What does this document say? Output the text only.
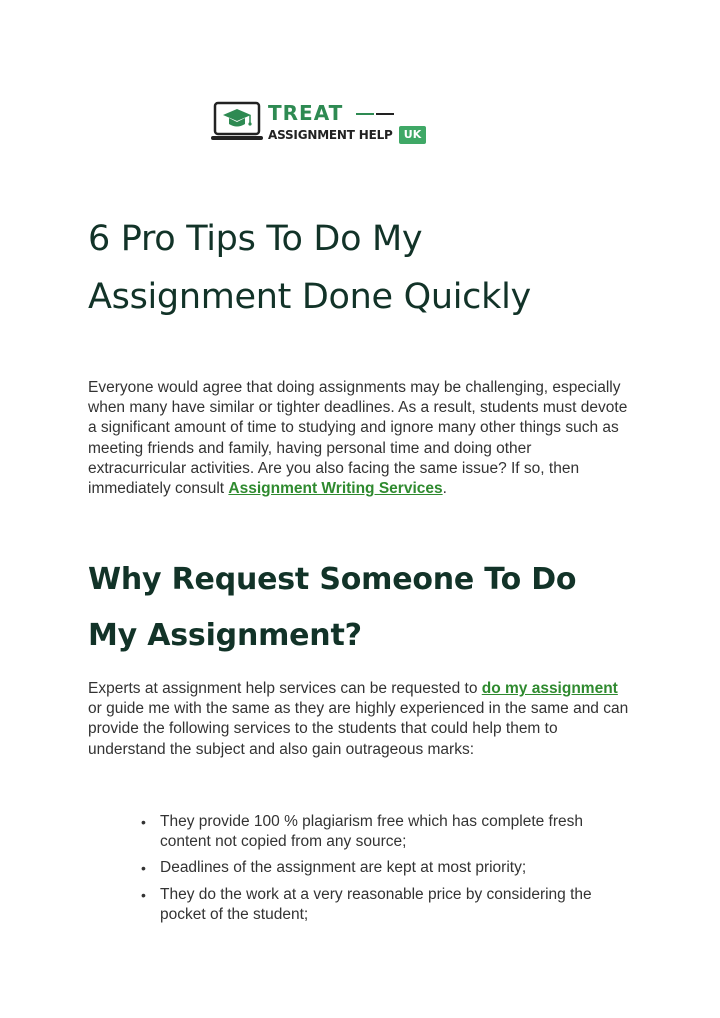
TREAT
ASSIGNMENT HELP	UK
6 Pro Tips To Do My
Assignment Done Quickly

Everyone would agree that doing assignments may be challenging, especially when many have similar or tighter deadlines. As a result, students must devote a significant amount of time to studying and ignore many other things such as meeting friends and family, having personal time and doing other extracurricular activities. Are you also facing the same issue? If so, then immediately consult Assignment Writing Services.

Why Request Someone To Do
My Assignment?

Experts at assignment help services can be requested to do my assignment or guide me with the same as they are highly experienced in the same and can provide the following services to the students that could help them to understand the subject and also gain outrageous marks:

• They provide 100 % plagiarism free which has complete fresh content not copied from any source;
• Deadlines of the assignment are kept at most priority;
• They do the work at a very reasonable price by considering the pocket of the student;
